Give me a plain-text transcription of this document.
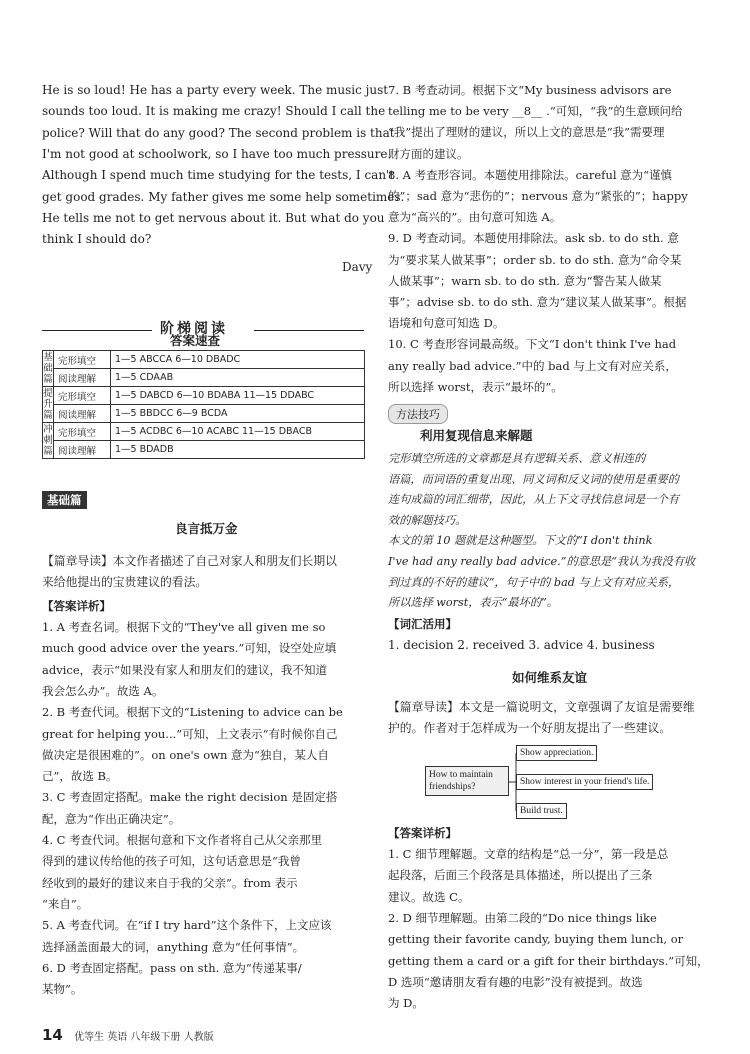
He is so loud! He has a party every week. The music just
sounds too loud. It is making me crazy! Should I call the
police? Will that do any good? The second problem is that
I'm not good at schoolwork, so I have too much pressure.
Although I spend much time studying for the tests, I can't
get good grades. My father gives me some help sometimes.
He tells me not to get nervous about it. But what do you
think I should do?
Davy
阶梯阅读
答案速查
基
础
篇	完形填空	1—5 ABCCA 6—10 DBADC
	阅读理解	1—5 CDAAB

提
升
篇	完形填空	1—5 DABCD 6—10 BDABA 11—15 DDABC
	阅读理解	1—5 BBDCC 6—9 BCDA

冲
刺
篇	完形填空	1—5 ACDBC 6—10 ACABC 11—15 DBACB
	阅读理解	1—5 BDADB
基础篇
良言抵万金
【篇章导读】本文作者描述了自己对家人和朋友们长期以
来给他提出的宝贵建议的看法。
【答案详析】
1. A 考查名词。根据下文的“They've all given me so
much good advice over the years.”可知，设空处应填
advice，表示“如果没有家人和朋友们的建议，我不知道
我会怎么办”。故选 A。
2. B 考查代词。根据下文的“Listening to advice can be
great for helping you...”可知，上文表示“有时候你自己
做决定是很困难的”。on one's own 意为“独自，某人自
己”，故选 B。
3. C 考查固定搭配。make the right decision 是固定搭
配，意为“作出正确决定”。
4. C 考查代词。根据句意和下文作者将自己从父亲那里
得到的建议传给他的孩子可知，这句话意思是“我曾
经收到的最好的建议来自于我的父亲”。from 表示
“来自”。
5. A 考查代词。在“if I try hard”这个条件下，上文应该
选择涵盖面最大的词，anything 意为“任何事情”。
6. D 考查固定搭配。pass on sth. 意为“传递某事/
某物”。
7. B 考查动词。根据下文“My business advisors are
telling me to be very __8__ .”可知，“我”的生意顾问给
“我”提出了理财的建议，所以上文的意思是“我”需要理
财方面的建议。
8. A 考查形容词。本题使用排除法。careful 意为“谨慎
的”；sad 意为“悲伤的”；nervous 意为“紧张的”；happy
意为“高兴的”。由句意可知选 A。
9. D 考查动词。本题使用排除法。ask sb. to do sth. 意
为“要求某人做某事”；order sb. to do sth. 意为“命令某
人做某事”；warn sb. to do sth. 意为“警告某人做某
事”；advise sb. to do sth. 意为“建议某人做某事”。根据
语境和句意可知选 D。
10. C 考查形容词最高级。下文“I don't think I've had
any really bad advice.”中的 bad 与上文有对应关系，
所以选择 worst，表示“最坏的”。
方法技巧
利用复现信息来解题
完形填空所选的文章都是具有逻辑关系、意义相连的
语篇，而词语的重复出现、同义词和反义词的使用是重要的
连句成篇的词汇细带，因此，从上下文寻找信息词是一个有
效的解题技巧。
本文的第 10 题就是这种题型。下文的“I don't think
I've had any really bad advice.”的意思是“我认为我没有收
到过真的不好的建议”，句子中的 bad 与上文有对应关系，
所以选择 worst，表示“最坏的”。
【词汇活用】
1. decision 2. received 3. advice 4. business
如何维系友谊
【篇章导读】本文是一篇说明文，文章强调了友谊是需要维
护的。作者对于怎样成为一个好朋友提出了一些建议。
How to maintain friendships?
Show appreciation.
Show interest in your friend's life.
Build trust.
【答案详析】
1. C 细节理解题。文章的结构是“总一分”，第一段是总
起段落，后面三个段落是具体描述，所以提出了三条
建议。故选 C。
2. D 细节理解题。由第二段的“Do nice things like
getting their favorite candy, buying them lunch, or
getting them a card or a gift for their birthdays.”可知，
D 选项“邀请朋友看有趣的电影”没有被提到。故选
为 D。
14 优等生 英语 八年级下册 人教版
